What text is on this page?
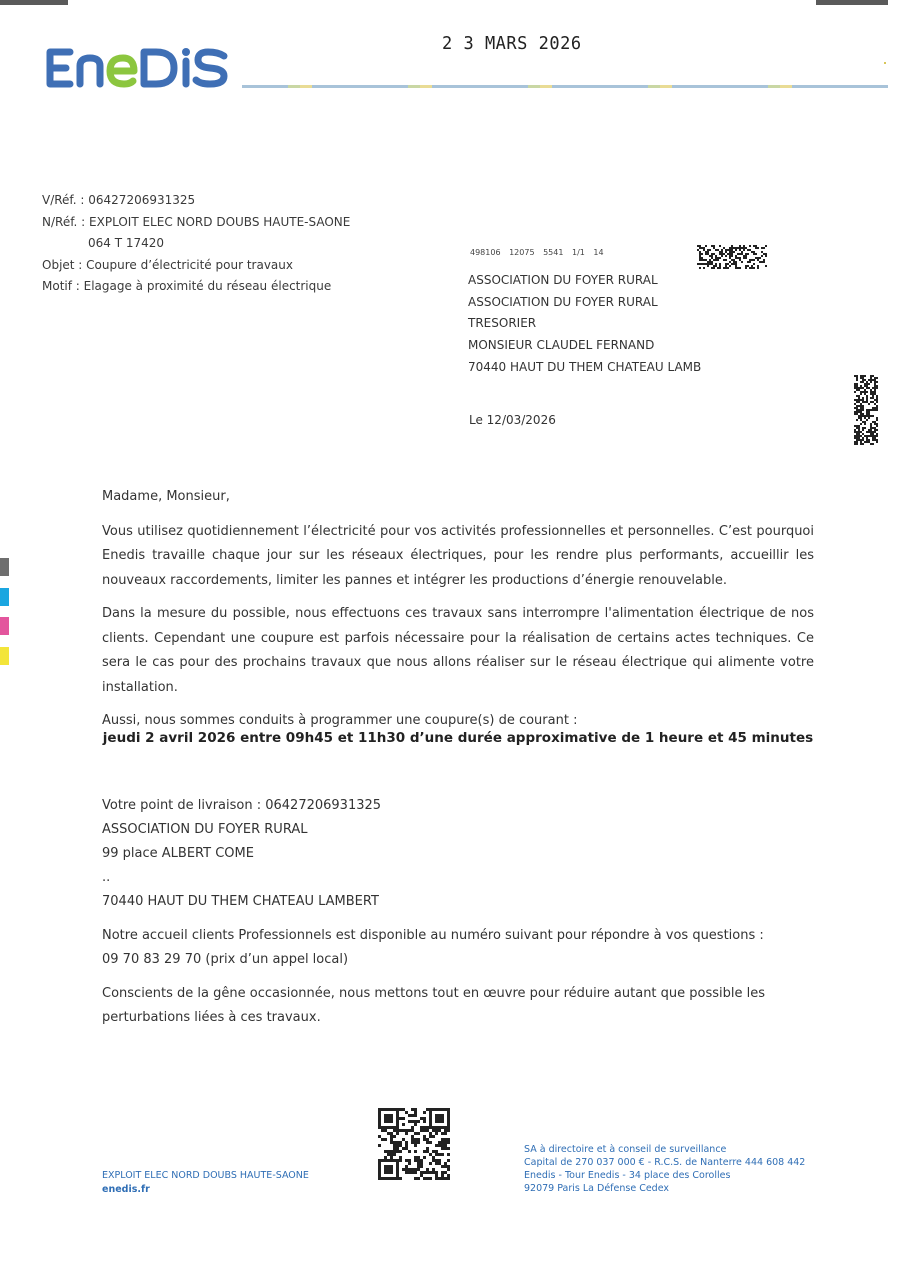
2 3 MARS 2026
V/Réf. : 06427206931325
N/Réf. : EXPLOIT ELEC NORD DOUBS HAUTE-SAONE
064 T 17420
Objet : Coupure d’électricité pour travaux
Motif : Elagage à proximité du réseau électrique
498106 12075 5541 1/1 14
ASSOCIATION DU FOYER RURAL
ASSOCIATION DU FOYER RURAL
TRESORIER
MONSIEUR CLAUDEL FERNAND
70440 HAUT DU THEM CHATEAU LAMB
Le 12/03/2026

Madame, Monsieur,

Vous utilisez quotidiennement l’électricité pour vos activités professionnelles et personnelles. C’est pourquoi Enedis travaille chaque jour sur les réseaux électriques, pour les rendre plus performants, accueillir les nouveaux raccordements, limiter les pannes et intégrer les productions d’énergie renouvelable.

Dans la mesure du possible, nous effectuons ces travaux sans interrompre l'alimentation électrique de nos clients. Cependant une coupure est parfois nécessaire pour la réalisation de certains actes techniques. Ce sera le cas pour des prochains travaux que nous allons réaliser sur le réseau électrique qui alimente votre installation.

Aussi, nous sommes conduits à programmer une coupure(s) de courant :

jeudi 2 avril 2026 entre 09h45 et 11h30 d’une durée approximative de 1 heure et 45 minutes
Votre point de livraison : 06427206931325
ASSOCIATION DU FOYER RURAL
99 place ALBERT COME
..
70440 HAUT DU THEM CHATEAU LAMBERT

Notre accueil clients Professionnels est disponible au numéro suivant pour répondre à vos questions :
09 70 83 29 70 (prix d’un appel local)

Conscients de la gêne occasionnée, nous mettons tout en œuvre pour réduire autant que possible les perturbations liées à ces travaux.

EXPLOIT ELEC NORD DOUBS HAUTE-SAONE
enedis.fr
SA à directoire et à conseil de surveillance
Capital de 270 037 000 € - R.C.S. de Nanterre 444 608 442
Enedis - Tour Enedis - 34 place des Corolles
92079 Paris La Défense Cedex
